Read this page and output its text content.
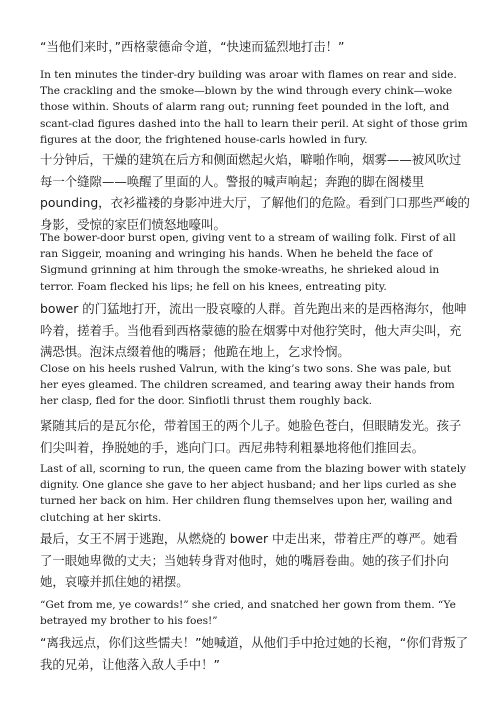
“当他们来时，”西格蒙德命令道，“快速而猛烈地打击！”

In ten minutes the tinder-dry building was aroar with flames on rear and side. The crackling and the smoke—blown by the wind through every chink—woke those within. Shouts of alarm rang out; running feet pounded in the loft, and scant-clad figures dashed into the hall to learn their peril. At sight of those grim figures at the door, the frightened house-carls howled in fury.

十分钟后，干燥的建筑在后方和侧面燃起火焰，噼啪作响，烟雾——被风吹过每一个缝隙——唤醒了里面的人。警报的喊声响起；奔跑的脚在阁楼里pounding，衣衫褴褛的身影冲进大厅，了解他们的危险。看到门口那些严峻的身影，受惊的家臣们愤怒地嚎叫。

The bower-door burst open, giving vent to a stream of wailing folk. First of all ran Siggeir, moaning and wringing his hands. When he beheld the face of Sigmund grinning at him through the smoke-wreaths, he shrieked aloud in terror. Foam flecked his lips; he fell on his knees, entreating pity.

bower 的门猛地打开，流出一股哀嚎的人群。首先跑出来的是西格海尔，他呻吟着，搓着手。当他看到西格蒙德的脸在烟雾中对他狞笑时，他大声尖叫，充满恐惧。泡沫点缀着他的嘴唇；他跪在地上，乞求怜悯。

Close on his heels rushed Valrun, with the king’s two sons. She was pale, but her eyes gleamed. The children screamed, and tearing away their hands from her clasp, fled for the door. Sinfiotli thrust them roughly back.

紧随其后的是瓦尔伦，带着国王的两个儿子。她脸色苍白，但眼睛发光。孩子们尖叫着，挣脱她的手，逃向门口。西尼弗特利粗暴地将他们推回去。

Last of all, scorning to run, the queen came from the blazing bower with stately dignity. One glance she gave to her abject husband; and her lips curled as she turned her back on him. Her children flung themselves upon her, wailing and clutching at her skirts.

最后，女王不屑于逃跑，从燃烧的 bower 中走出来，带着庄严的尊严。她看了一眼她卑微的丈夫；当她转身背对他时，她的嘴唇卷曲。她的孩子们扑向她，哀嚎并抓住她的裙摆。

“Get from me, ye cowards!” she cried, and snatched her gown from them. “Ye betrayed my brother to his foes!”

“离我远点，你们这些懦夫！”她喊道，从他们手中抢过她的长袍，“你们背叛了我的兄弟，让他落入敌人手中！”
